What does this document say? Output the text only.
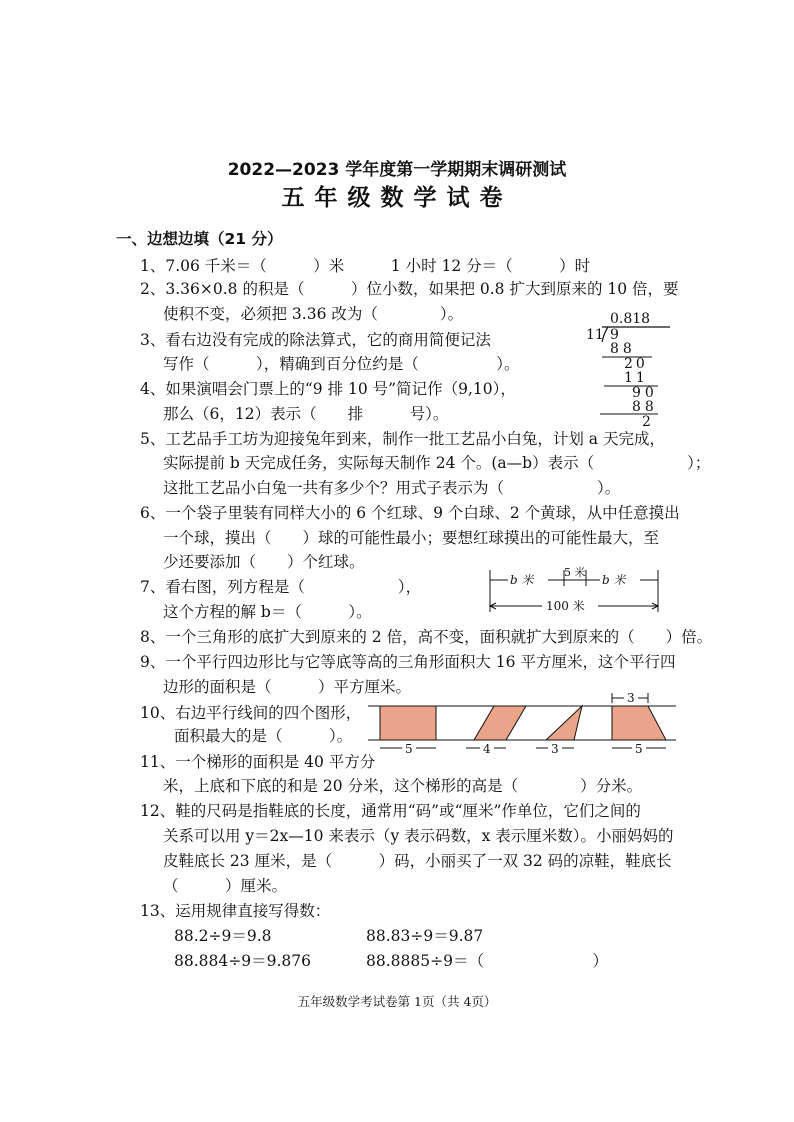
2022—2023 学年度第一学期期末调研测试
五年级数学试卷
一、边想边填（21 分）
1、7.06 千米＝（　　　）米　　　1 小时 12 分＝（　　　）时
2、3.36×0.8 的积是（　　　）位小数，如果把 0.8 扩大到原来的 10 倍，要
使积不变，必须把 3.36 改为（　　　　）。
3、看右边没有完成的除法算式，它的商用简便记法
写作（　　　），精确到百分位约是（　　　　　）。
4、如果演唱会门票上的“9 排 10 号”简记作（9,10），
那么（6，12）表示（　　排　　　号）。
5、工艺品手工坊为迎接兔年到来，制作一批工艺品小白兔，计划 a 天完成，
实际提前 b 天完成任务，实际每天制作 24 个。(a—b）表示（　　　　　　）；
这批工艺品小白兔一共有多少个？用式子表示为（　　　　　　）。
6、一个袋子里装有同样大小的 6 个红球、9 个白球、2 个黄球，从中任意摸出
一个球，摸出（　　）球的可能性最小；要想红球摸出的可能性最大，至
少还要添加（　　）个红球。
7、看右图，列方程是（　　　　　　），
这个方程的解 b＝（　　　）。
8、一个三角形的底扩大到原来的 2 倍，高不变，面积就扩大到原来的（　　）倍。
9、一个平行四边形比与它等底等高的三角形面积大 16 平方厘米，这个平行四
边形的面积是（　　　）平方厘米。
10、右边平行线间的四个图形，
面积最大的是（　　　）。
11、一个梯形的面积是 40 平方分
米，上底和下底的和是 20 分米，这个梯形的高是（　　　　）分米。
12、鞋的尺码是指鞋底的长度，通常用“码”或“厘米”作单位，它们之间的
关系可以用 y＝2x—10 来表示（y 表示码数，x 表示厘米数）。小丽妈妈的
皮鞋底长 23 厘米，是（　　　）码，小丽买了一双 32 码的凉鞋，鞋底长
（　　　）厘米。
13、运用规律直接写得数：
88.2÷9＝9.8	88.83÷9＝9.87
88.884÷9＝9.876	88.8885÷9＝（　　　　　　　）
0.818
11 9
88
20
11
90
88
2
b 米
5 米
b 米
100 米
3
5	4	3	5
五年级数学考试卷第 1页（共 4页）
